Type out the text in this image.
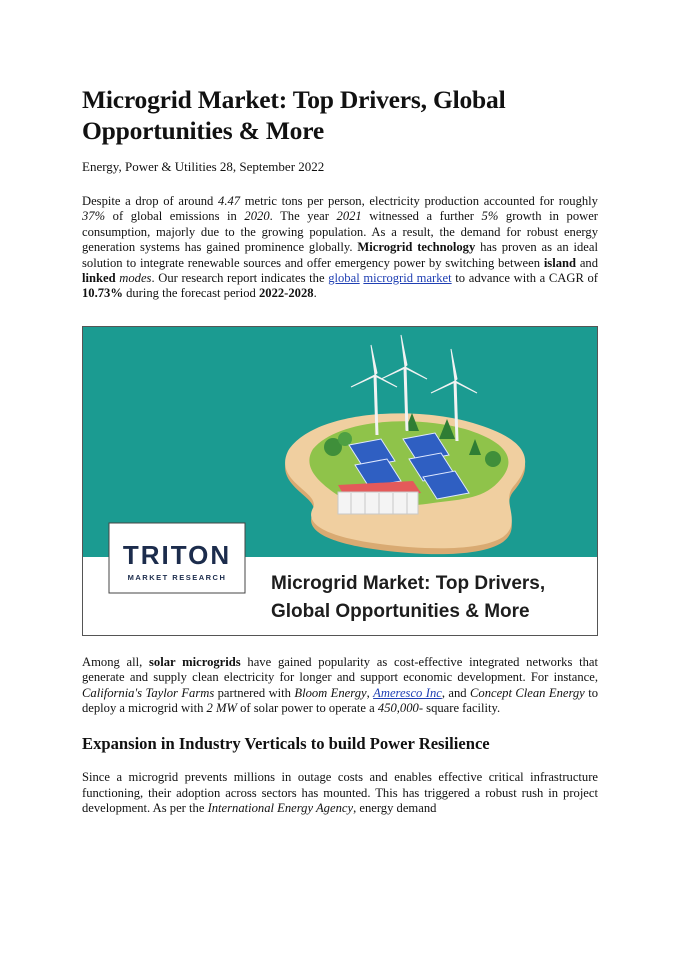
Microgrid Market: Top Drivers, Global
Opportunities & More
Energy, Power & Utilities 28, September 2022

Despite a drop of around 4.47 metric tons per person, electricity production accounted for roughly 37% of global emissions in 2020. The year 2021 witnessed a further 5% growth in power consumption, majorly due to the growing population. As a result, the demand for robust energy generation systems has gained prominence globally. Microgrid technology has proven as an ideal solution to integrate renewable sources and offer emergency power by switching between island and linked modes. Our research report indicates the global microgrid market to advance with a CAGR of 10.73% during the forecast period 2022-2028.

TRITON
MARKET RESEARCH Microgrid Market: Top Drivers,
Global Opportunities & More

Among all, solar microgrids have gained popularity as cost-effective integrated networks that generate and supply clean electricity for longer and support economic development. For instance, California's Taylor Farms partnered with Bloom Energy, Ameresco Inc, and Concept Clean Energy to deploy a microgrid with 2 MW of solar power to operate a 450,000- square facility.

Expansion in Industry Verticals to build Power Resilience

Since a microgrid prevents millions in outage costs and enables effective critical infrastructure functioning, their adoption across sectors has mounted. This has triggered a robust rush in project development. As per the International Energy Agency, energy demand
